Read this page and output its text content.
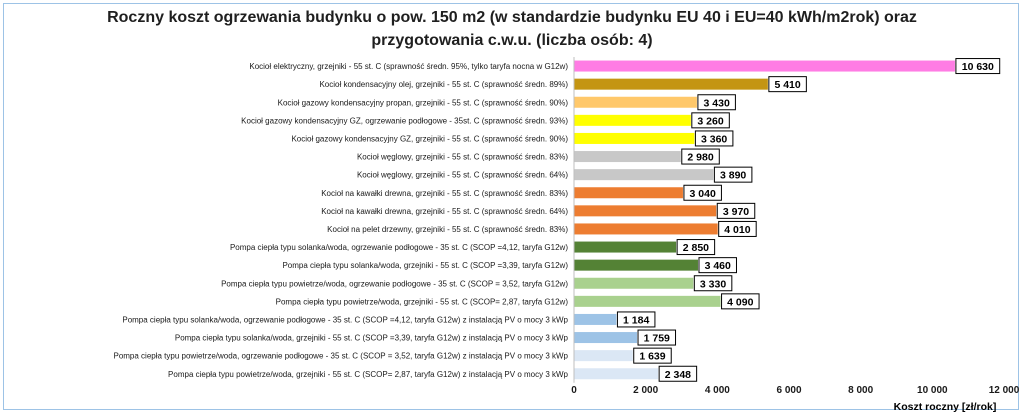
Roczny koszt ogrzewania budynku o pow. 150 m2 (w standardzie budynku EU 40 i EU=40 kWh/m2rok) oraz
przygotowania c.w.u. (liczba osób: 4)
10 630
5 410
3 430
3 260
3 360
2 980
3 890
3 040
3 970
4 010
2 850
3 460
3 330
4 090
1 184
1 759
1 639
2 348
Kocioł elektryczny, grzejniki - 55 st. C (sprawność średn. 95%, tylko taryfa nocna w G12w)
Kocioł kondensacyjny olej, grzejniki - 55 st. C (sprawność średn. 89%)
Kocioł gazowy kondensacyjny propan, grzejniki - 55 st. C (sprawność średn. 90%)
Kocioł gazowy kondensacyjny GZ, ogrzewanie podłogowe - 35st. C (sprawność średn. 93%)
Kocioł gazowy kondensacyjny GZ, grzejniki - 55 st. C (sprawność średn. 90%)
Kocioł węglowy, grzejniki - 55 st. C (sprawność średn. 83%)
Kocioł węglowy, grzejniki - 55 st. C (sprawność średn. 64%)
Kocioł na kawałki drewna, grzejniki - 55 st. C (sprawność średn. 83%)
Kocioł na kawałki drewna, grzejniki - 55 st. C (sprawność średn. 64%)
Kocioł na pelet drzewny, grzejniki - 55 st. C (sprawność średn. 83%)
Pompa ciepła typu solanka/woda, ogrzewanie podłogowe - 35 st. C (SCOP =4,12, taryfa G12w)
Pompa ciepła typu solanka/woda, grzejniki - 55 st. C (SCOP =3,39, taryfa G12w)
Pompa ciepła typu powietrze/woda, ogrzewanie podłogowe - 35 st. C (SCOP = 3,52, taryfa G12w)
Pompa ciepła typu powietrze/woda, grzejniki - 55 st. C (SCOP= 2,87, taryfa G12w)
Pompa ciepła typu solanka/woda, ogrzewanie podłogowe - 35 st. C (SCOP =4,12, taryfa G12w) z instalacją PV o mocy 3 kWp
Pompa ciepła typu solanka/woda, grzejniki - 55 st. C (SCOP =3,39, taryfa G12w) z instalacją PV o mocy 3 kWp
Pompa ciepła typu powietrze/woda, ogrzewanie podłogowe - 35 st. C (SCOP = 3,52, taryfa G12w) z instalacją PV o mocy 3 kWp
Pompa ciepła typu powietrze/woda, grzejniki - 55 st. C (SCOP= 2,87, taryfa G12w) z instalacją PV o mocy 3 kWp
0	2 000	4 000	6 000	8 000	10 000	12 000
Koszt roczny [zł/rok]
